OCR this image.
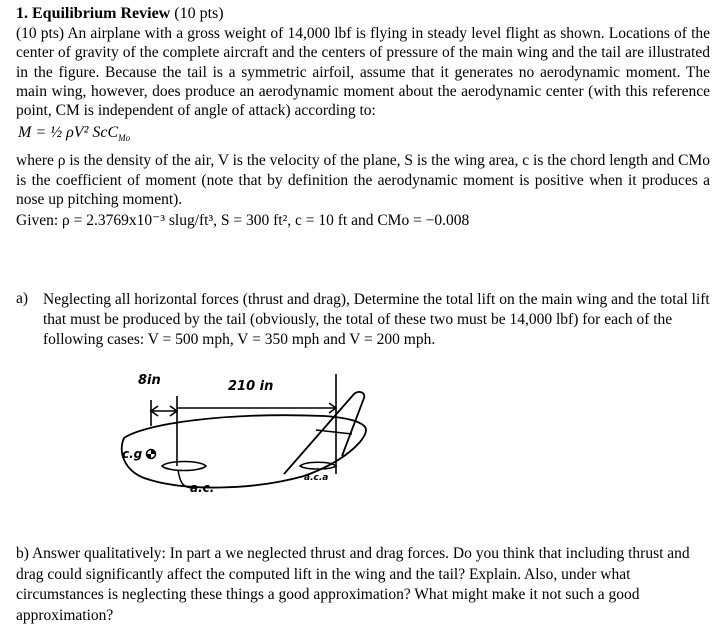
1. Equilibrium Review (10 pts)

(10 pts) An airplane with a gross weight of 14,000 lbf is flying in steady level flight as shown. Locations of the center of gravity of the complete aircraft and the centers of pressure of the main wing and the tail are illustrated in the figure. Because the tail is a symmetric airfoil, assume that it generates no aerodynamic moment. The main wing, however, does produce an aerodynamic moment about the aerodynamic center (with this reference point, CM is independent of angle of attack) according to:

M = ½ ρV² ScC$_{Mo}$

where ρ is the density of the air, V is the velocity of the plane, S is the wing area, c is the chord length and CMo is the coefficient of moment (note that by definition the aerodynamic moment is positive when it produces a nose up pitching moment).

Given: ρ = 2.3769x10⁻³ slug/ft³, S = 300 ft², c = 10 ft and CMo = −0.008

a) Neglecting all horizontal forces (thrust and drag), Determine the total lift on the main wing and the total lift that must be produced by the tail (obviously, the total of these two must be 14,000 lbf) for each of the following cases: V = 500 mph, V = 350 mph and V = 200 mph.

8in	210 in
c.g
a.c.
a.c.a

b) Answer qualitatively: In part a we neglected thrust and drag forces. Do you think that including thrust and drag could significantly affect the computed lift in the wing and the tail? Explain. Also, under what circumstances is neglecting these things a good approximation? What might make it not such a good approximation?
